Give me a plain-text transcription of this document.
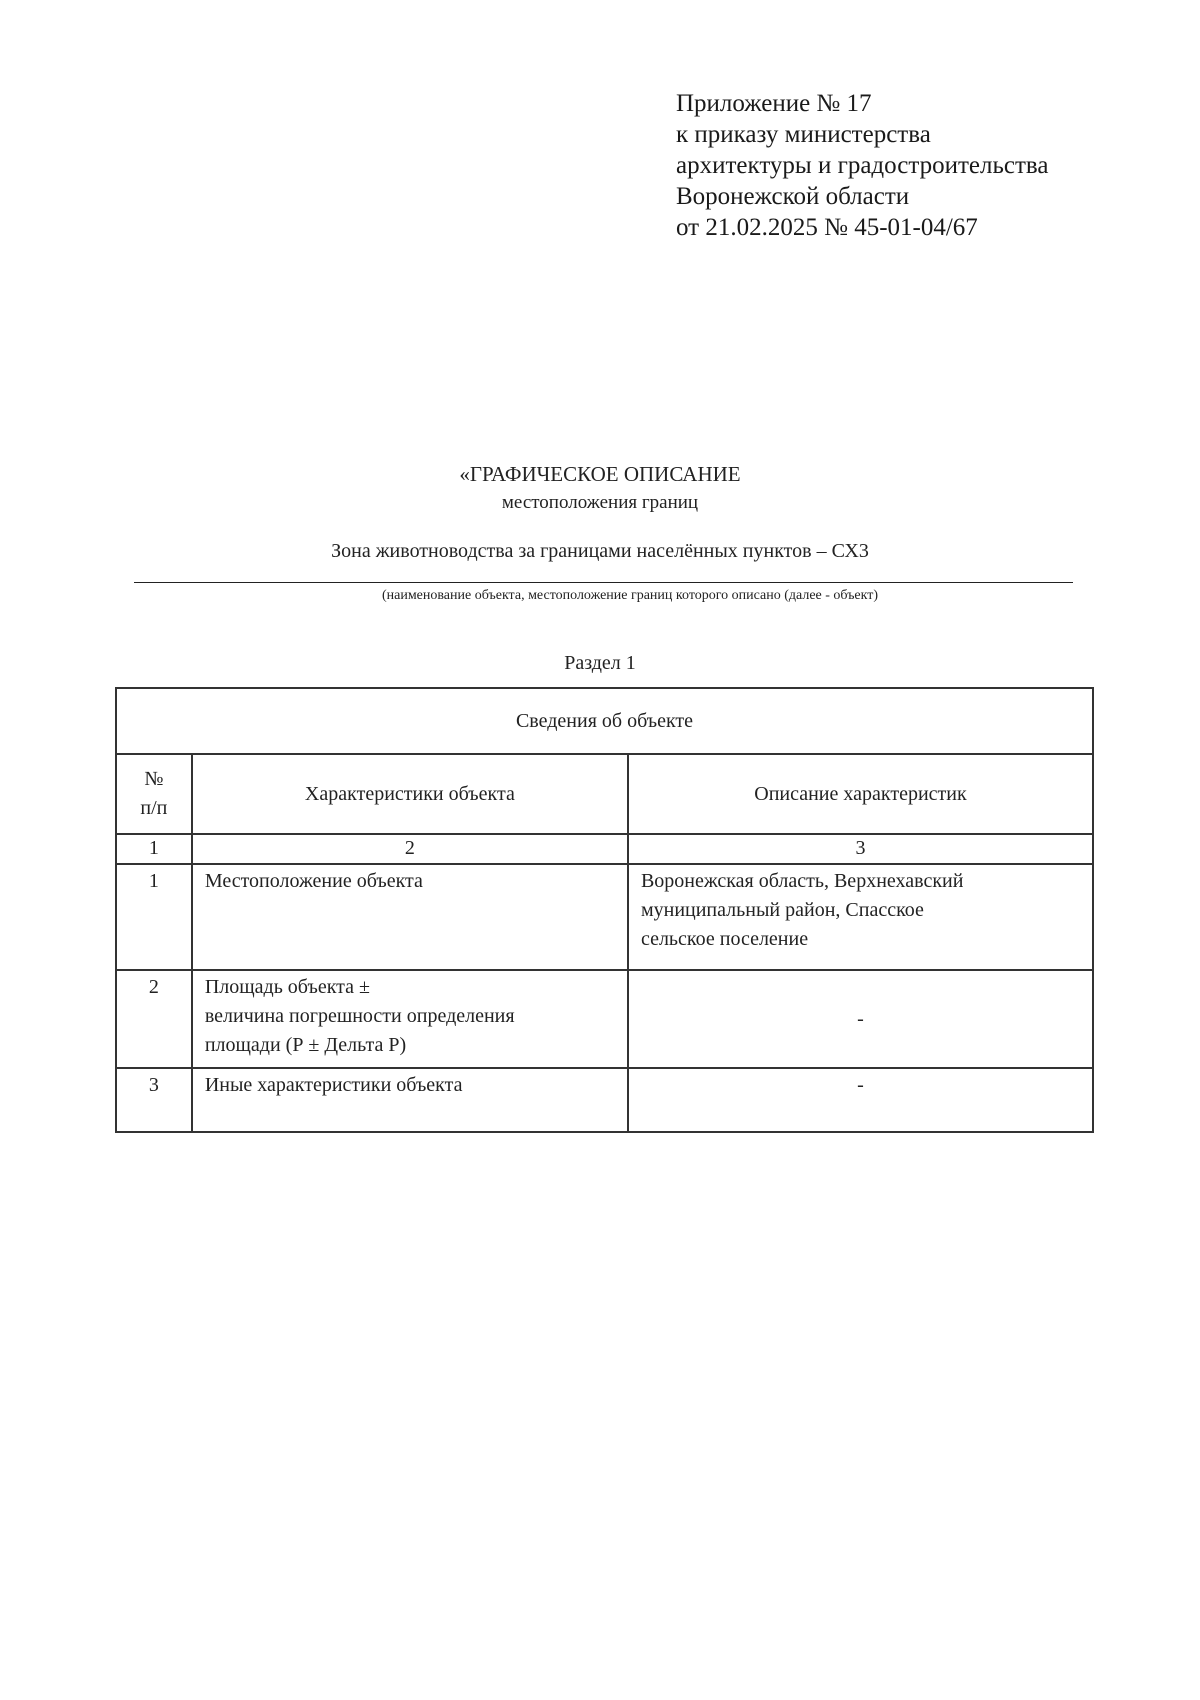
Приложение № 17
к приказу министерства
архитектуры и градостроительства
Воронежской области
от 21.02.2025 № 45-01-04/67
«ГРАФИЧЕСКОЕ ОПИСАНИЕ
местоположения границ
Зона животноводства за границами населённых пунктов – СХ3
(наименование объекта, местоположение границ которого описано (далее - объект)
Раздел 1
Сведения об объекте		

№
п/п	Характеристики объекта	Описание характеристик
1	2	3
1	Местоположение объекта	Воронежская область, Верхнехавский
муниципальный район, Спасское
сельское поселение

2	Площадь объекта ±
величина погрешности определения
площади (Р ± Дельта Р)	-
3	Иные характеристики объекта	-
